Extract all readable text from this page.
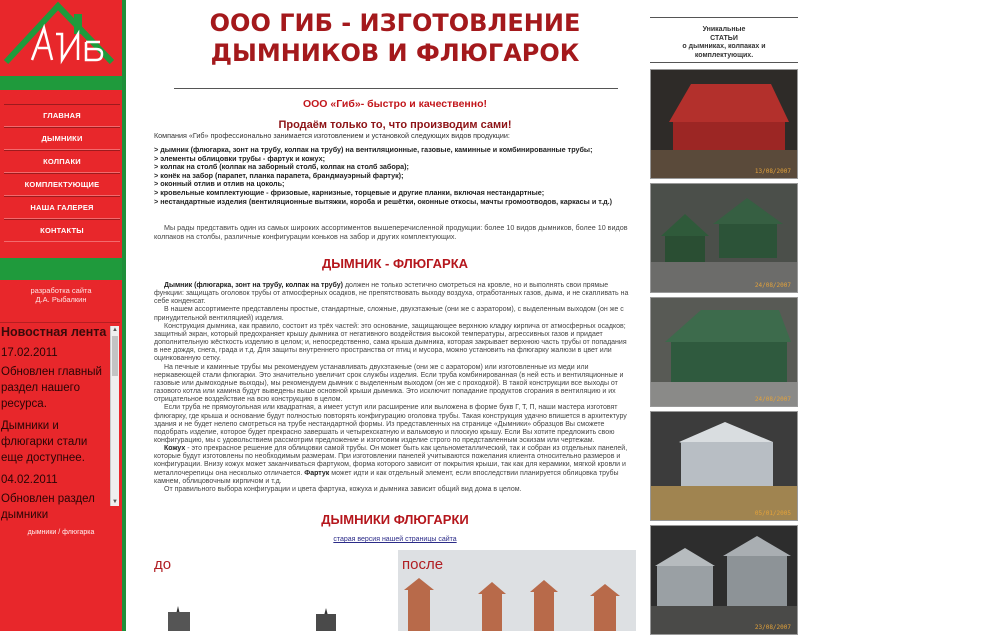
ГЛАВНАЯ
ДЫМНИКИ
КОЛПАКИ
КОМПЛЕКТУЮЩИЕ
НАША ГАЛЕРЕЯ
КОНТАКТЫ
разработка сайта
Д.А. Рыбалкин
Новостная лента
17.02.2011
Обновлен главный раздел нашего ресурса.
Дымники и флюгарки стали еще доступнее.
04.02.2011
Обновлен раздел дымники
▲
▼
дымники / флюгарка
ООО ГИБ - ИЗГОТОВЛЕНИЕ
ДЫМНИКОВ И ФЛЮГАРОК
ООО «Гиб»- быстро и качественно!
Продаём только то, что производим сами!
Компания «Гиб» профессионально занимается изготовлением и установкой следующих видов продукции:
> дымник (флюгарка, зонт на трубу, колпак на трубу) на вентиляционные, газовые, каминные и комбинированные трубы;
> элементы облицовки трубы - фартук и кожух;
> колпак на столб (колпак на заборный столб, колпак на столб забора);
> конёк на забор (парапет, планка парапета, брандмауэрный фартук);
> оконный отлив и отлив на цоколь;
> кровельные комплектующие - фризовые, карнизные, торцевые и другие планки, включая нестандартные;
> нестандартные изделия (вентиляционные вытяжки, короба и решётки, оконные откосы, мачты громоотводов, каркасы и т.д.)
Мы рады представить один из самых широких ассортиментов вышеперечисленной продукции: более 10 видов дымников, более 10 видов колпаков на столбы, различные конфигурации коньков на забор и других комплектующих.
ДЫМНИК - ФЛЮГАРКА

Дымник (флюгарка, зонт на трубу, колпак на трубу) должен не только эстетично смотреться на кровле, но и выполнять свои прямые функции: защищать оголовок трубы от атмосферных осадков, не препятствовать выходу воздуха, отработанных газов, дыма, и не скапливать на себе конденсат.

В нашем ассортименте представлены простые, стандартные, сложные, двухэтажные (они же с аэратором), с выделенным выходом (он же с принудительной вентиляцией) изделия.

Конструкция дымника, как правило, состоит из трёх частей: это основание, защищающее верхнюю кладку кирпича от атмосферных осадков; защитный экран, который предохраняет крышу дымника от негативного воздействия высокой температуры, агрессивных газов и придает дополнительную жёсткость изделию в целом; и, непосредственно, сама крыша дымника, которая закрывает верхнюю часть трубы от попадания в нее дождя, снега, града и т.д. Для защиты внутреннего пространства от птиц и мусора, можно установить на флюгарку жалюзи в цвет или оцинкованную сетку.

На печные и каминные трубы мы рекомендуем устанавливать двухэтажные (они же с аэратором) или изготовленные из меди или нержавеющей стали флюгарки. Это значительно увеличит срок службы изделия. Если труба комбинированная (в ней есть и вентиляционные и газовые или дымоходные выходы), мы рекомендуем дымник с выделенным выходом (он же с проходкой). В такой конструкции все выходы от газового котла или камина будут выведены выше основной крыши дымника. Это исключит попадание продуктов сгорания в вентиляцию и их отрицательное воздействие на всю конструкцию в целом.

Если труба не прямоугольная или квадратная, а имеет уступ или расширение или выложена в форме букв Г, Т, П, наши мастера изготовят флюгарку, где крыша и основание будут полностью повторять конфигурацию оголовка трубы. Такая конструкция удачно впишется в архитектуру здания и не будет нелепо смотреться на трубе нестандартной формы. Из представленных на странице «Дымники» образцов Вы сможете подобрать изделие, которое будет прекрасно завершать и четырехскатную и вальмовую и плоскую крышу. Если Вы хотите предложить свою конфигурацию, мы с удовольствием рассмотрим предложение и изготовим изделие строго по представленным эскизам или чертежам.

Кожух - это прекрасное решение для облицовки самой трубы. Он может быть как цельнометаллический, так и собран из отдельных панелей, которые будут изготовлены по необходимым размерам. При изготовлении панелей учитываются пожелания клиента относительно размеров и конфигурации. Внизу кожух может заканчиваться фартуком, форма которого зависит от покрытия крыши, так как для керамики, мягкой кровли и металлочерепицы она несколько отличается. Фартук может идти и как отдельный элемент, если впоследствии планируется облицовка трубы камнем, облицовочным кирпичом и т.д.

От правильного выбора конфигурации и цвета фартука, кожуха и дымника зависит общий вид дома в целом.

ДЫМНИКИ ФЛЮГАРКИ
старая версия нашей страницы сайта
до	после
Уникальные
СТАТЬИ
о дымниках, колпаках и
комплектующих.
13/08/2007
24/08/2007
24/08/2007
05/01/2005
23/08/2007
